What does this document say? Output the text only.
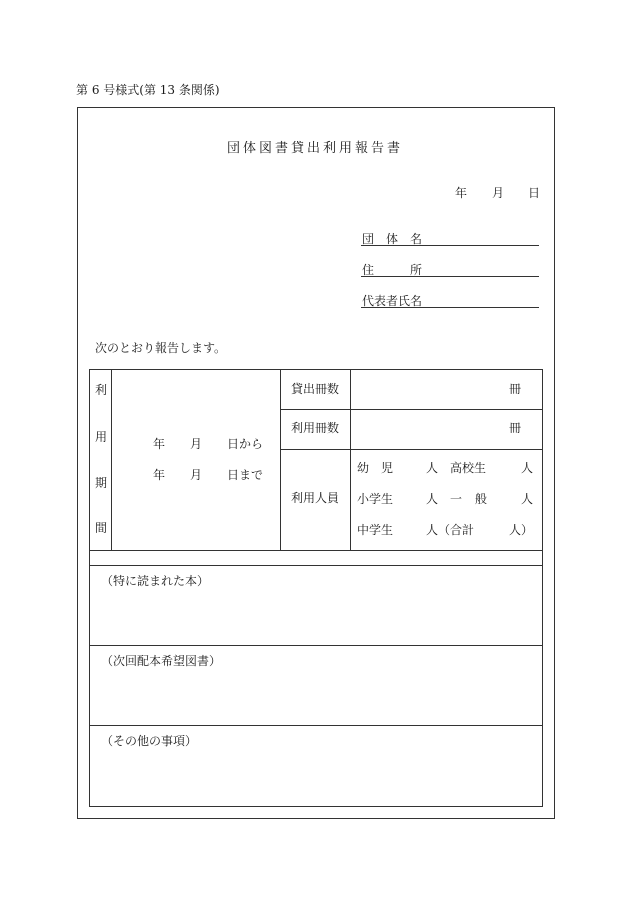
第 6 号様式(第 13 条関係)
団体図書貸出利用報告書
年 月 日
団 体 名
住	所
代表者氏名
次のとおり報告します。
利
用
期
間
年 月 日から
年 月 日まで
貸出冊数	冊
利用冊数	冊
利用人員
幼 児	人 高校生	人
小学生	人 一 般	人
中学生	人（合計	人）
（特に読まれた本）
（次回配本希望図書）
（その他の事項）
